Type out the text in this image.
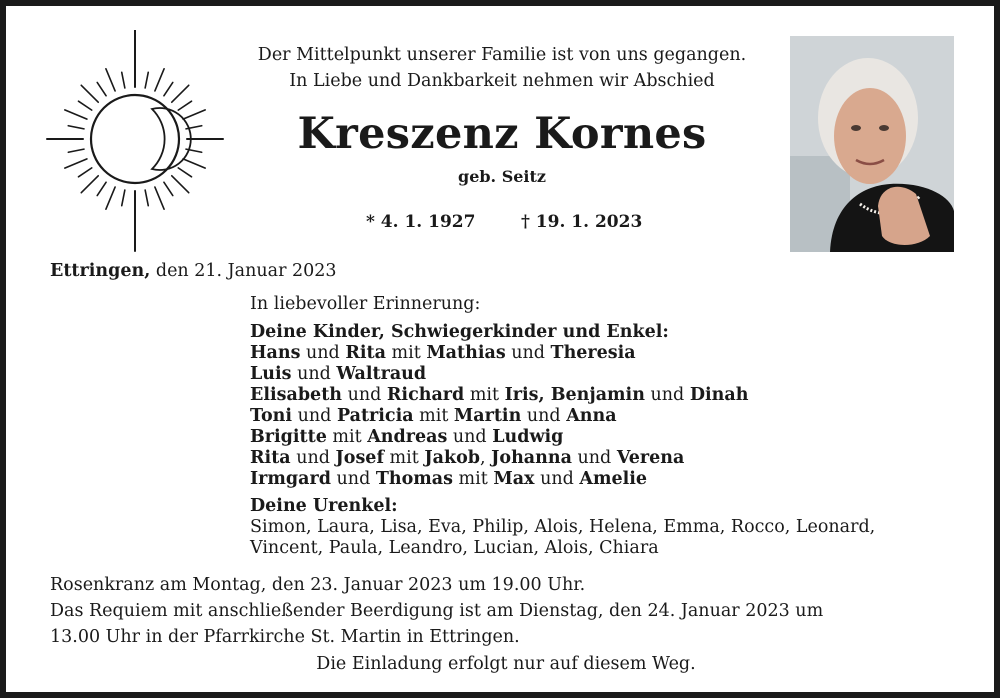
Der Mittelpunkt unserer Familie ist von uns gegangen.
In Liebe und Dankbarkeit nehmen wir Abschied
Kreszenz Kornes
geb. Seitz
* 4. 1. 1927	† 19. 1. 2023
Ettringen, den 21. Januar 2023
In liebevoller Erinnerung:
Deine Kinder, Schwiegerkinder und Enkel:
Hans und Rita mit Mathias und Theresia
Luis und Waltraud
Elisabeth und Richard mit Iris, Benjamin und Dinah
Toni und Patricia mit Martin und Anna
Brigitte mit Andreas und Ludwig
Rita und Josef mit Jakob, Johanna und Verena
Irmgard und Thomas mit Max und Amelie
Deine Urenkel:
Simon, Laura, Lisa, Eva, Philip, Alois, Helena, Emma, Rocco, Leonard,
Vincent, Paula, Leandro, Lucian, Alois, Chiara
Rosenkranz am Montag, den 23. Januar 2023 um 19.00 Uhr.
Das Requiem mit anschließender Beerdigung ist am Dienstag, den 24. Januar 2023 um
13.00 Uhr in der Pfarrkirche St. Martin in Ettringen.
Die Einladung erfolgt nur auf diesem Weg.
